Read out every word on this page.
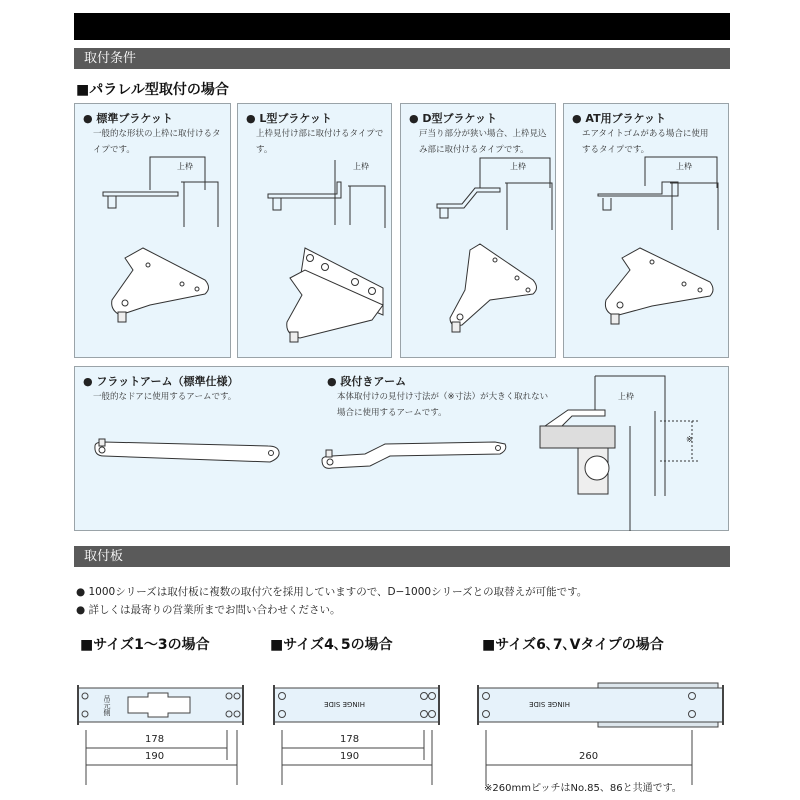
取付条件
■パラレル型取付の場合
● 標準ブラケット
一般的な形状の上枠に取付けるタ
イプです。
● L型ブラケット
上枠見付け部に取付けるタイプです。
● D型ブラケット
戸当り部分が狭い場合、上枠見込
み部に取付けるタイプです。
● AT用ブラケット
エアタイトゴムがある場合に使用
するタイプです。
上枠	上枠	上枠	上枠
● フラットアーム（標準仕様）
一般的なドアに使用するアームです。
● 段付きアーム
本体取付けの見付け寸法が（※寸法）が大きく取れない
場合に使用するアームです。
上枠
※
取付板
● 1000シリーズは取付板に複数の取付穴を採用していますので、D−1000シリーズとの取替えが可能です。
● 詳しくは最寄りの営業所までお問い合わせください。
■サイズ1〜3の場合	■サイズ4､5の場合	■サイズ6､7､Vタイプの場合
吊元側	HINGE SIDE	HINGE SIDE
178
190
178
190	260
※260mmピッチはNo.85、86と共通です。
